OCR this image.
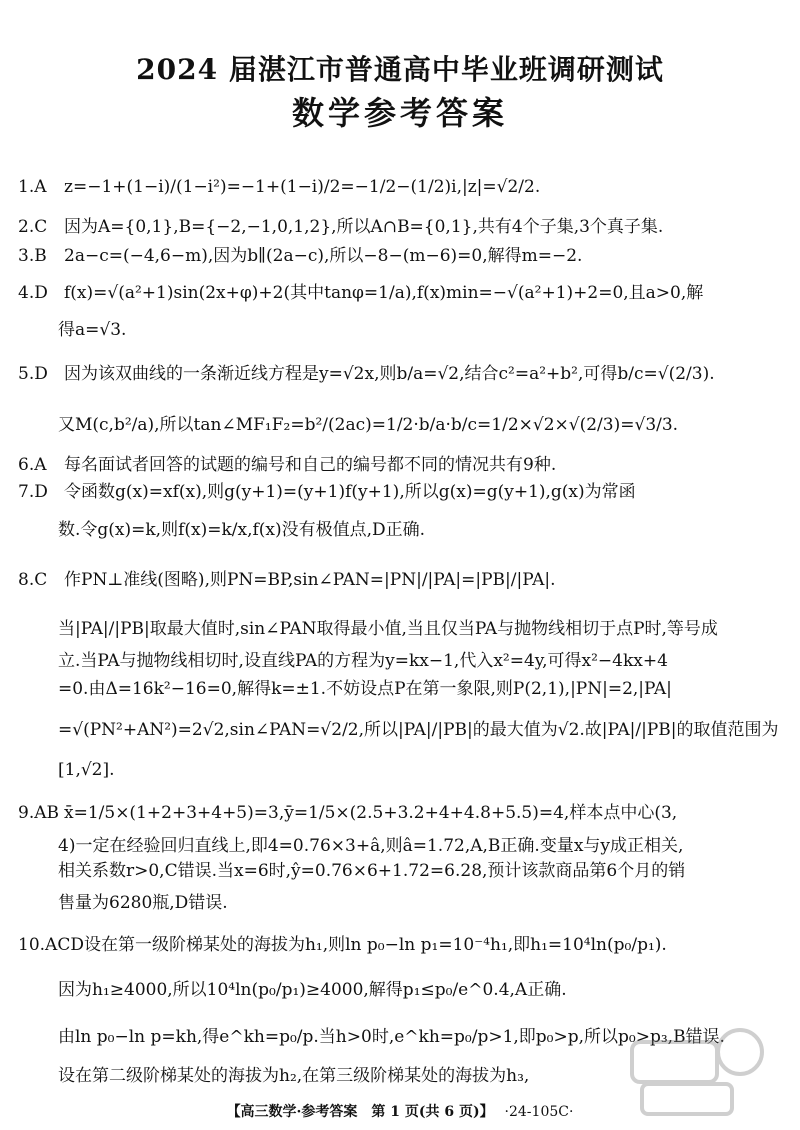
2024 届湛江市普通高中毕业班调研测试
数学参考答案
1.A z=−1+(1−i)/(1−i²)=−1+(1−i)/2=−1/2−(1/2)i,|z|=√2/2.
2.C 因为A={0,1},B={−2,−1,0,1,2},所以A∩B={0,1},共有4个子集,3个真子集.
3.B 2a−c=(−4,6−m),因为b∥(2a−c),所以−8−(m−6)=0,解得m=−2.
4.D f(x)=√(a²+1)sin(2x+φ)+2(其中tanφ=1/a),f(x)min=−√(a²+1)+2=0,且a>0,解
得a=√3.
5.D 因为该双曲线的一条渐近线方程是y=√2x,则b/a=√2,结合c²=a²+b²,可得b/c=√(2/3).
又M(c,b²/a),所以tan∠MF₁F₂=b²/(2ac)=1/2·b/a·b/c=1/2×√2×√(2/3)=√3/3.
6.A 每名面试者回答的试题的编号和自己的编号都不同的情况共有9种.
7.D 令函数g(x)=xf(x),则g(y+1)=(y+1)f(y+1),所以g(x)=g(y+1),g(x)为常函
数.令g(x)=k,则f(x)=k/x,f(x)没有极值点,D正确.
8.C 作PN⊥准线(图略),则PN=BP,sin∠PAN=|PN|/|PA|=|PB|/|PA|.
当|PA|/|PB|取最大值时,sin∠PAN取得最小值,当且仅当PA与抛物线相切于点P时,等号成
立.当PA与抛物线相切时,设直线PA的方程为y=kx−1,代入x²=4y,可得x²−4kx+4
=0.由Δ=16k²−16=0,解得k=±1.不妨设点P在第一象限,则P(2,1),|PN|=2,|PA|
=√(PN²+AN²)=2√2,sin∠PAN=√2/2,所以|PA|/|PB|的最大值为√2.故|PA|/|PB|的取值范围为
[1,√2].
9.AB x̄=1/5×(1+2+3+4+5)=3,ȳ=1/5×(2.5+3.2+4+4.8+5.5)=4,样本点中心(3,
4)一定在经验回归直线上,即4=0.76×3+â,则â=1.72,A,B正确.变量x与y成正相关,
相关系数r>0,C错误.当x=6时,ŷ=0.76×6+1.72=6.28,预计该款商品第6个月的销
售量为6280瓶,D错误.
10.ACD设在第一级阶梯某处的海拔为h₁,则ln p₀−ln p₁=10⁻⁴h₁,即h₁=10⁴ln(p₀/p₁).
因为h₁≥4000,所以10⁴ln(p₀/p₁)≥4000,解得p₁≤p₀/e^0.4,A正确.
由ln p₀−ln p=kh,得e^kh=p₀/p.当h>0时,e^kh=p₀/p>1,即p₀>p,所以p₀>p₃,B错误.
设在第二级阶梯某处的海拔为h₂,在第三级阶梯某处的海拔为h₃,
【高三数学·参考答案　第 1 页(共 6 页)】 ·24-105C·
